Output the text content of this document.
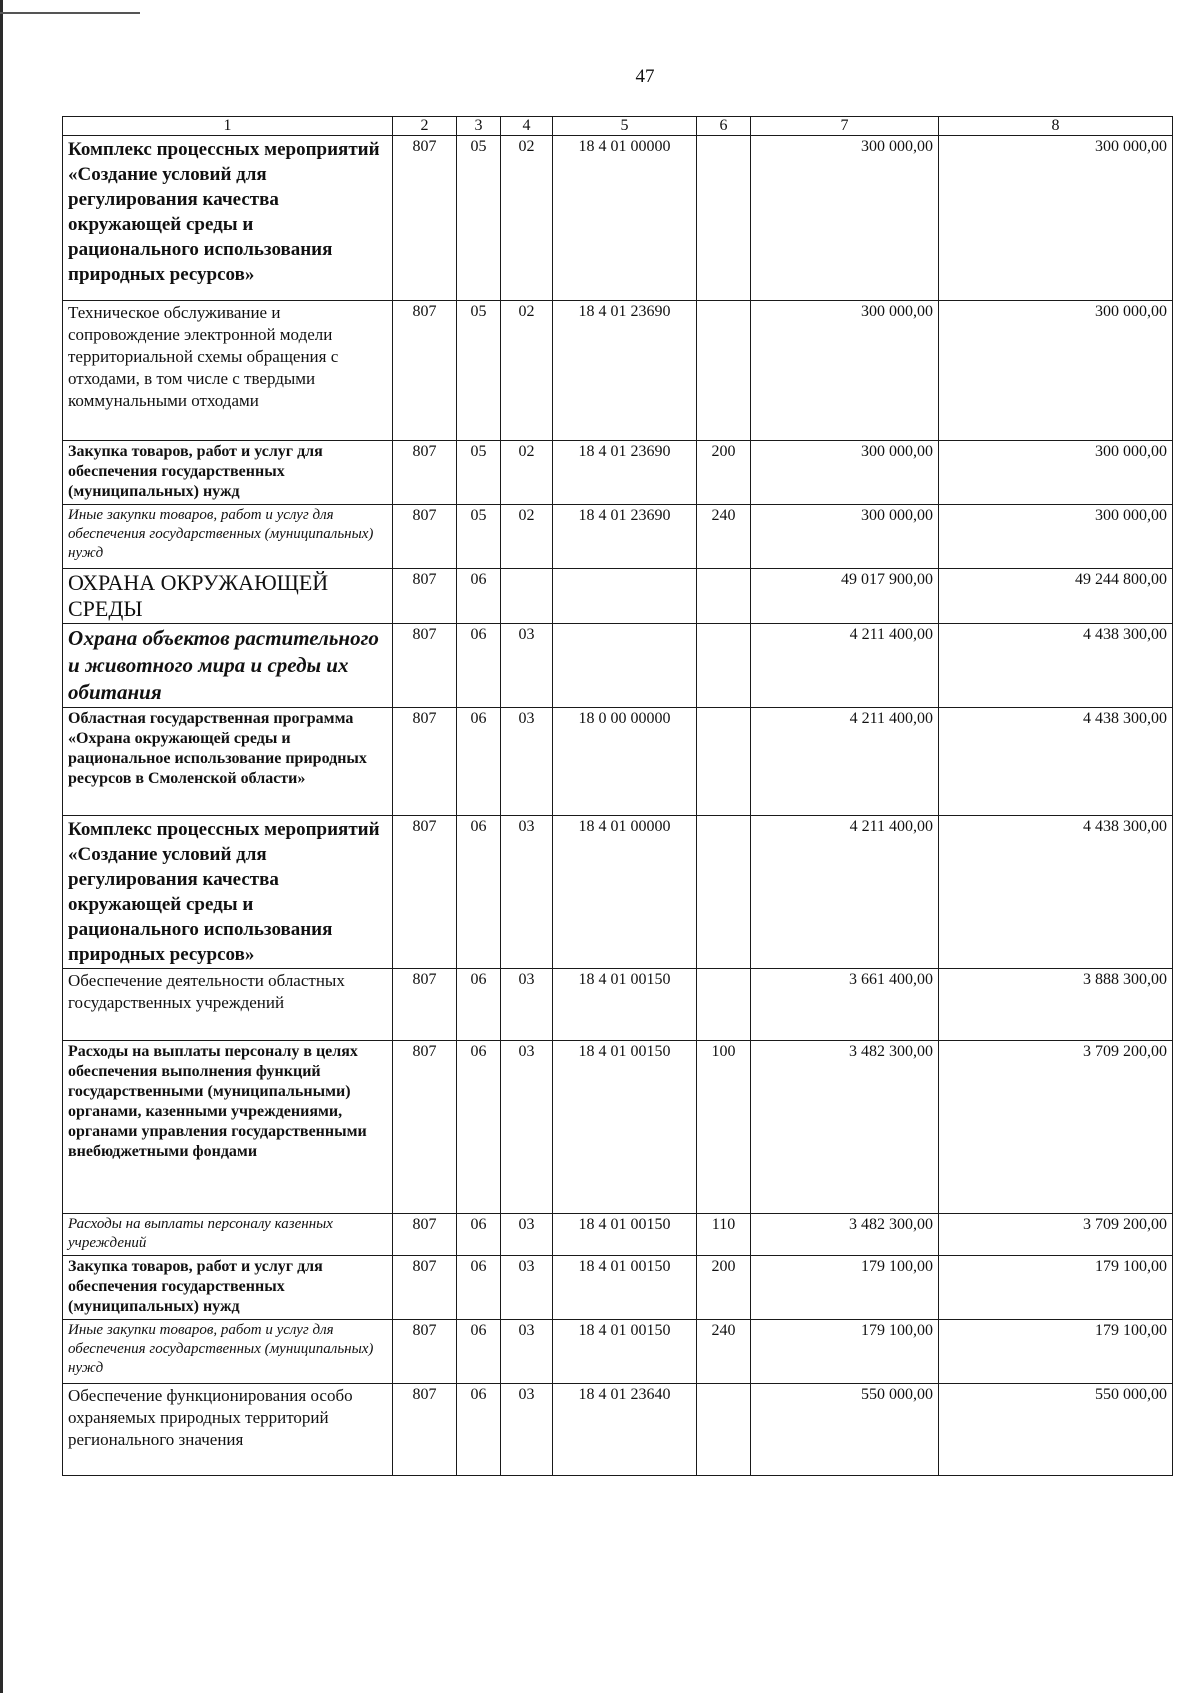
47
1	2	3	4	5	6	7	8
Комплекс процессных мероприятий «Создание условий для регулирования качества окружающей среды и рационального использования природных ресурсов»	807	05	02	18 4 01 00000		300 000,00	300 000,00
Техническое обслуживание и сопровождение электронной модели территориальной схемы обращения с отходами, в том числе с твердыми коммунальными отходами	807	05	02	18 4 01 23690		300 000,00	300 000,00
Закупка товаров, работ и услуг для обеспечения государственных (муниципальных) нужд	807	05	02	18 4 01 23690	200	300 000,00	300 000,00
Иные закупки товаров, работ и услуг для обеспечения государственных (муниципальных) нужд	807	05	02	18 4 01 23690	240	300 000,00	300 000,00
ОХРАНА ОКРУЖАЮЩЕЙ СРЕДЫ	807	06				49 017 900,00	49 244 800,00
Охрана объектов растительного и животного мира и среды их обитания	807	06	03			4 211 400,00	4 438 300,00
Областная государственная программа «Охрана окружающей среды и рациональное использование природных ресурсов в Смоленской области»	807	06	03	18 0 00 00000		4 211 400,00	4 438 300,00
Комплекс процессных мероприятий «Создание условий для регулирования качества окружающей среды и рационального использования природных ресурсов»	807	06	03	18 4 01 00000		4 211 400,00	4 438 300,00
Обеспечение деятельности областных государственных учреждений	807	06	03	18 4 01 00150		3 661 400,00	3 888 300,00
Расходы на выплаты персоналу в целях обеспечения выполнения функций государственными (муниципальными) органами, казенными учреждениями, органами управления государственными внебюджетными фондами	807	06	03	18 4 01 00150	100	3 482 300,00	3 709 200,00
Расходы на выплаты персоналу казенных учреждений	807	06	03	18 4 01 00150	110	3 482 300,00	3 709 200,00
Закупка товаров, работ и услуг для обеспечения государственных (муниципальных) нужд	807	06	03	18 4 01 00150	200	179 100,00	179 100,00
Иные закупки товаров, работ и услуг для обеспечения государственных (муниципальных) нужд	807	06	03	18 4 01 00150	240	179 100,00	179 100,00
Обеспечение функционирования особо охраняемых природных территорий регионального значения	807	06	03	18 4 01 23640		550 000,00	550 000,00
